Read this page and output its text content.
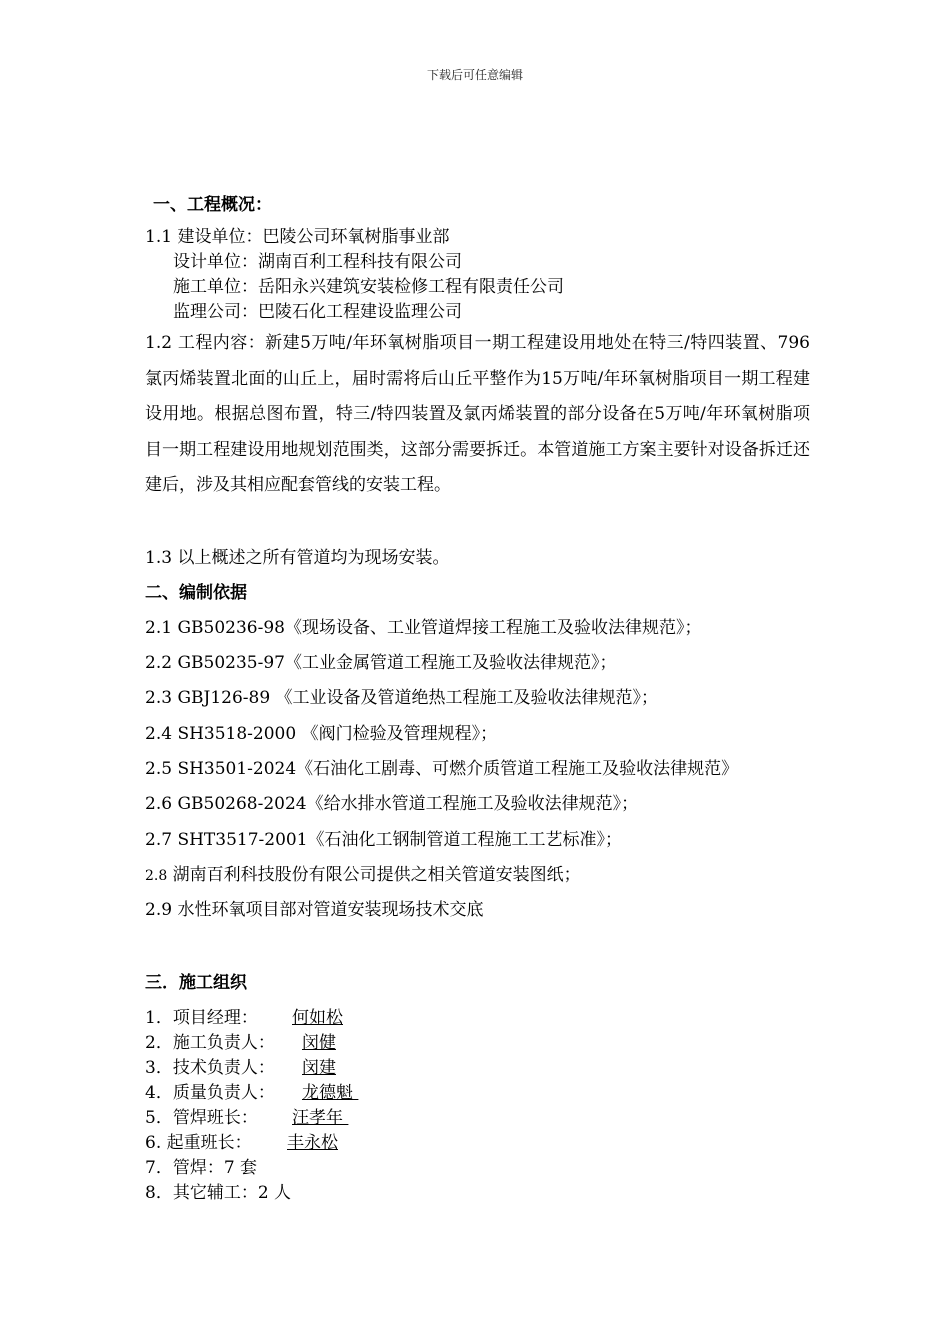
下载后可任意编辑
一、工程概况：
1.1 建设单位：巴陵公司环氧树脂事业部
设计单位：湖南百利工程科技有限公司
施工单位：岳阳永兴建筑安装检修工程有限责任公司
监理公司：巴陵石化工程建设监理公司
1.2 工程内容：新建5万吨/年环氧树脂项目一期工程建设用地处在特三/特四装置、796氯丙烯装置北面的山丘上，届时需将后山丘平整作为15万吨/年环氧树脂项目一期工程建设用地。根据总图布置，特三/特四装置及氯丙烯装置的部分设备在5万吨/年环氧树脂项目一期工程建设用地规划范围类，这部分需要拆迁。本管道施工方案主要针对设备拆迁还建后，涉及其相应配套管线的安装工程。
1.3 以上概述之所有管道均为现场安装。
二、编制依据
2.1 GB50236-98《现场设备、工业管道焊接工程施工及验收法律规范》；
2.2 GB50235-97《工业金属管道工程施工及验收法律规范》；
2.3 GBJ126-89 《工业设备及管道绝热工程施工及验收法律规范》；
2.4 SH3518-2000 《阀门检验及管理规程》；
2.5 SH3501-2024《石油化工剧毒、可燃介质管道工程施工及验收法律规范》
2.6 GB50268-2024《给水排水管道工程施工及验收法律规范》；
2.7 SHT3517-2001《石油化工钢制管道工程施工工艺标准》；
2.8 湖南百利科技股份有限公司提供之相关管道安装图纸；
2.9 水性环氧项目部对管道安装现场技术交底
三．施工组织
1．项目经理： 何如松
2．施工负责人： 闵健
3．技术负责人： 闵建
4．质量负责人： 龙德魁
5．管焊班长： 汪孝年
6. 起重班长： 丰永松
7．管焊：7 套
8．其它辅工：2 人
